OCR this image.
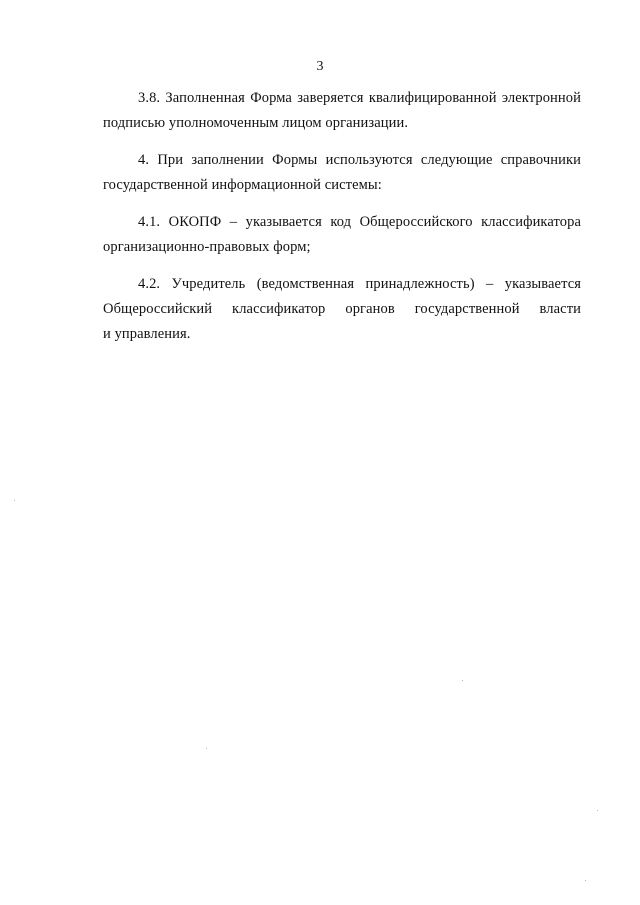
3

3.8. Заполненная Форма заверяется квалифицированной электронной
подписью уполномоченным лицом организации.

4. При заполнении Формы используются следующие справочники
государственной информационной системы:

4.1. ОКОПФ – указывается код Общероссийского классификатора
организационно-правовых форм;

4.2. Учредитель (ведомственная принадлежность) – указывается
Общероссийский классификатор органов государственной власти
и управления.
